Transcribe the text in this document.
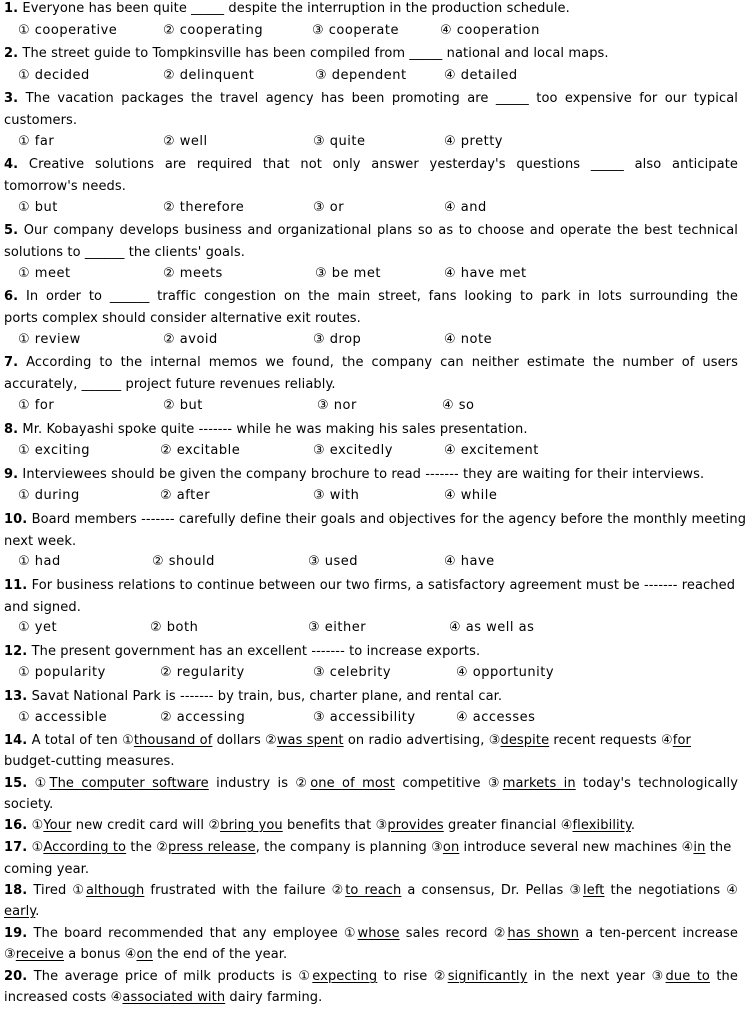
1. Everyone has been quite _____ despite the interruption in the production schedule.
① cooperative	② cooperating	③ cooperate	④ cooperation
2. The street guide to Tompkinsville has been compiled from _____ national and local maps.
① decided	② delinquent	③ dependent	④ detailed
3. The vacation packages the travel agency has been promoting are _____ too expensive for our typical
customers.
① far	② well	③ quite	④ pretty
4. Creative solutions are required that not only answer yesterday's questions _____ also anticipate
tomorrow's needs.
① but	② therefore	③ or	④ and
5. Our company develops business and organizational plans so as to choose and operate the best technical
solutions to ______ the clients' goals.
① meet	② meets	③ be met	④ have met
6. In order to ______ traffic congestion on the main street, fans looking to park in lots surrounding the
ports complex should consider alternative exit routes.
① review	② avoid	③ drop	④ note
7. According to the internal memos we found, the company can neither estimate the number of users
accurately, ______ project future revenues reliably.
① for	② but	③ nor	④ so
8. Mr. Kobayashi spoke quite ------- while he was making his sales presentation.
① exciting	② excitable	③ excitedly	④ excitement
9. Interviewees should be given the company brochure to read ------- they are waiting for their interviews.
① during	② after	③ with	④ while
10. Board members ------- carefully define their goals and objectives for the agency before the monthly meeting
next week.
① had	② should	③ used	④ have
11. For business relations to continue between our two firms, a satisfactory agreement must be ------- reached
and signed.
① yet	② both	③ either	④ as well as
12. The present government has an excellent ------- to increase exports.
① popularity	② regularity	③ celebrity	④ opportunity
13. Savat National Park is ------- by train, bus, charter plane, and rental car.
① accessible	② accessing	③ accessibility	④ accesses
14. A total of ten ①thousand of dollars ②was spent on radio advertising, ③despite recent requests ④for
budget-cutting measures.
15. ①The computer software industry is ②one of most competitive ③markets in today's technologically
society.
16. ①Your new credit card will ②bring you benefits that ③provides greater financial ④flexibility.
17. ①According to the ②press release, the company is planning ③on introduce several new machines ④in the
coming year.
18. Tired ①although frustrated with the failure ②to reach a consensus, Dr. Pellas ③left the negotiations ④
early.
19. The board recommended that any employee ①whose sales record ②has shown a ten-percent increase
③receive a bonus ④on the end of the year.
20. The average price of milk products is ①expecting to rise ②significantly in the next year ③due to the
increased costs ④associated with dairy farming.
